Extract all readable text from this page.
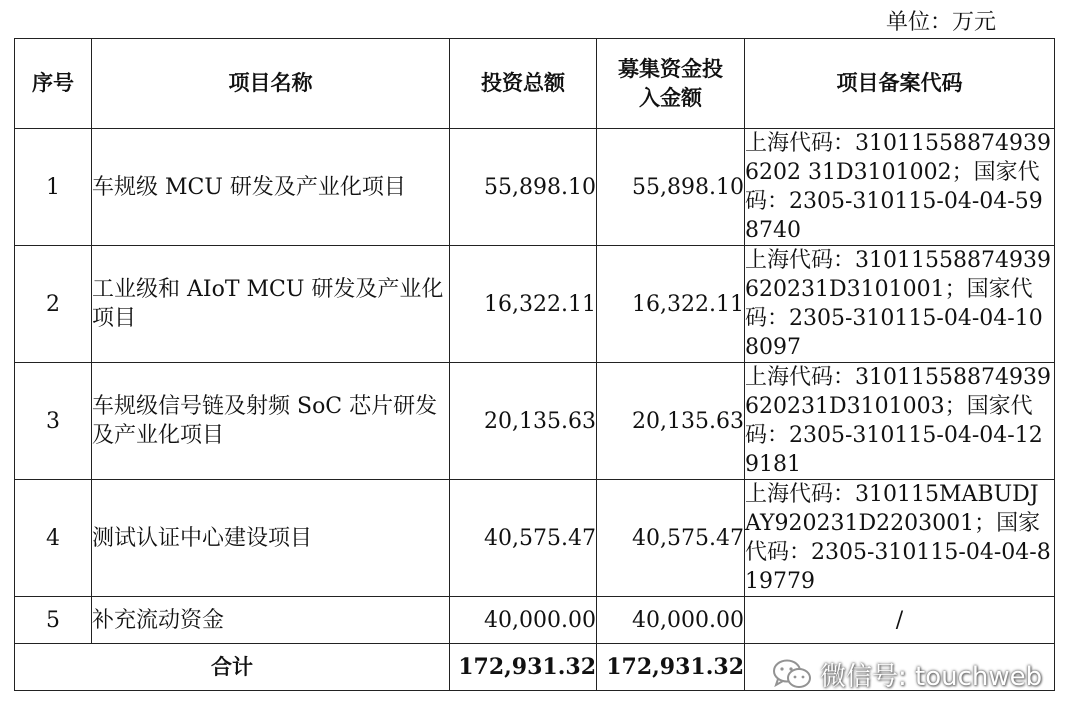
单位：万元
序号	项目名称	投资总额	募集资金投入金额	项目备案代码
1	车规级 MCU 研发及产业化项目	55,898.10	55,898.10	上海代码：310115588749396202 31D3101002；国家代码：2305-310115-04-04-598740
2	工业级和 AIoT MCU 研发及产业化项目	16,322.11	16,322.11	上海代码：31011558874939620231D3101001；国家代码：2305-310115-04-04-108097
3	车规级信号链及射频 SoC 芯片研发及产业化项目	20,135.63	20,135.63	上海代码：31011558874939620231D3101003；国家代码：2305-310115-04-04-129181
4	测试认证中心建设项目	40,575.47	40,575.47	上海代码：310115MABUDJAY920231D2203001；国家代码：2305-310115-04-04-819779
5	补充流动资金	40,000.00	40,000.00	/
合计		172,931.32	172,931.32		微信号: touchweb
